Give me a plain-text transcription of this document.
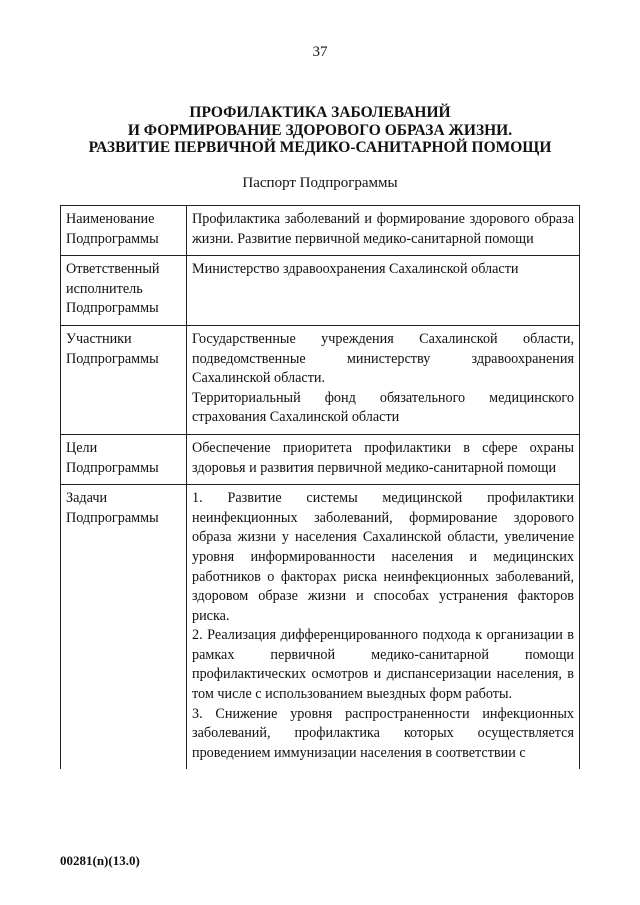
37
ПРОФИЛАКТИКА ЗАБОЛЕВАНИЙ
И ФОРМИРОВАНИЕ ЗДОРОВОГО ОБРАЗА ЖИЗНИ.
РАЗВИТИЕ ПЕРВИЧНОЙ МЕДИКО-САНИТАРНОЙ ПОМОЩИ
Паспорт Подпрограммы
Наименование Подпрограммы	Профилактика заболеваний и формирование здорового образа жизни. Развитие первичной медико-санитарной помощи

Ответственный исполнитель Подпрограммы	Министерство здравоохранения Сахалинской области

Участники Подпрограммы	Государственные учреждения Сахалинской области, подведомственные министерству здравоохранения Сахалинской области.
Территориальный фонд обязательного медицинского страхования Сахалинской области

Цели Подпрограммы	Обеспечение приоритета профилактики в сфере охраны здоровья и развития первичной медико-санитарной помощи

Задачи Подпрограммы	1. Развитие системы медицинской профилактики неинфекционных заболеваний, формирование здорового образа жизни у населения Сахалинской области, увеличение уровня информированности населения и медицинских работников о факторах риска неинфекционных заболеваний, здоровом образе жизни и способах устранения факторов риска.
2. Реализация дифференцированного подхода к организации в рамках первичной медико-санитарной помощи профилактических осмотров и диспансеризации населения, в том числе с использованием выездных форм работы.
3. Снижение уровня распространенности инфекционных заболеваний, профилактика которых осуществляется проведением иммунизации населения в соответствии с
00281(n)(13.0)
